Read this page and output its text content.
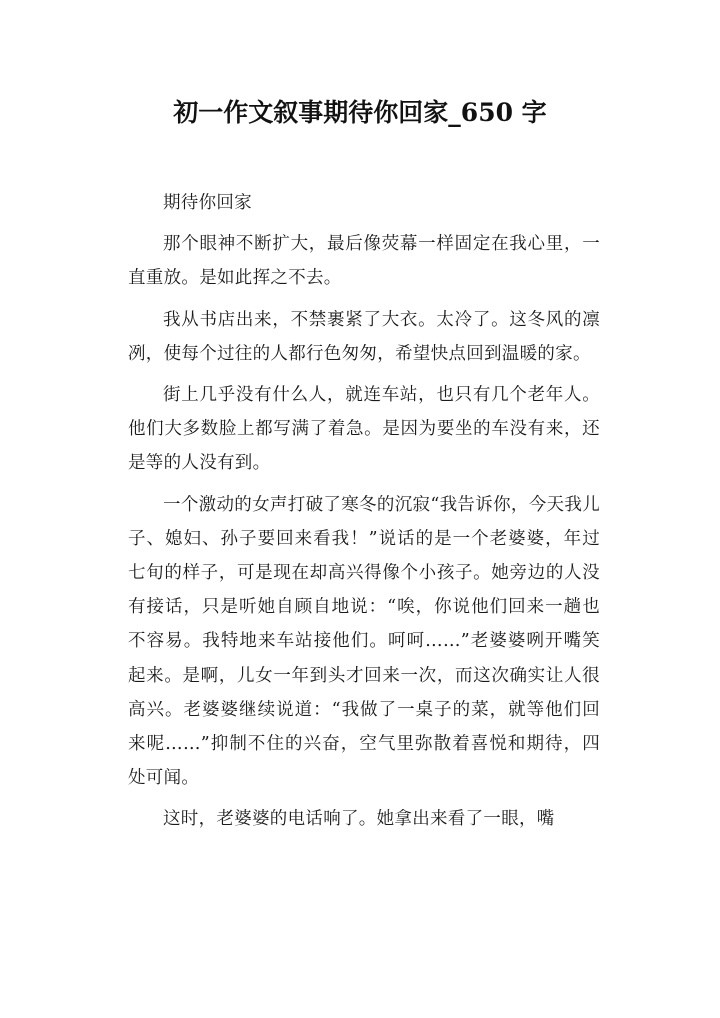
初一作文叙事期待你回家_650 字

期待你回家

那个眼神不断扩大，最后像荧幕一样固定在我心里，一直重放。是如此挥之不去。

我从书店出来，不禁裹紧了大衣。太冷了。这冬风的凛冽，使每个过往的人都行色匆匆，希望快点回到温暖的家。

街上几乎没有什么人，就连车站，也只有几个老年人。他们大多数脸上都写满了着急。是因为要坐的车没有来，还是等的人没有到。

一个激动的女声打破了寒冬的沉寂“我告诉你，今天我儿子、媳妇、孙子要回来看我！”说话的是一个老婆婆，年过七旬的样子，可是现在却高兴得像个小孩子。她旁边的人没有接话，只是听她自顾自地说：“唉，你说他们回来一趟也不容易。我特地来车站接他们。呵呵……”老婆婆咧开嘴笑起来。是啊，儿女一年到头才回来一次，而这次确实让人很高兴。老婆婆继续说道：“我做了一桌子的菜，就等他们回来呢……”抑制不住的兴奋，空气里弥散着喜悦和期待，四处可闻。

这时，老婆婆的电话响了。她拿出来看了一眼，嘴
